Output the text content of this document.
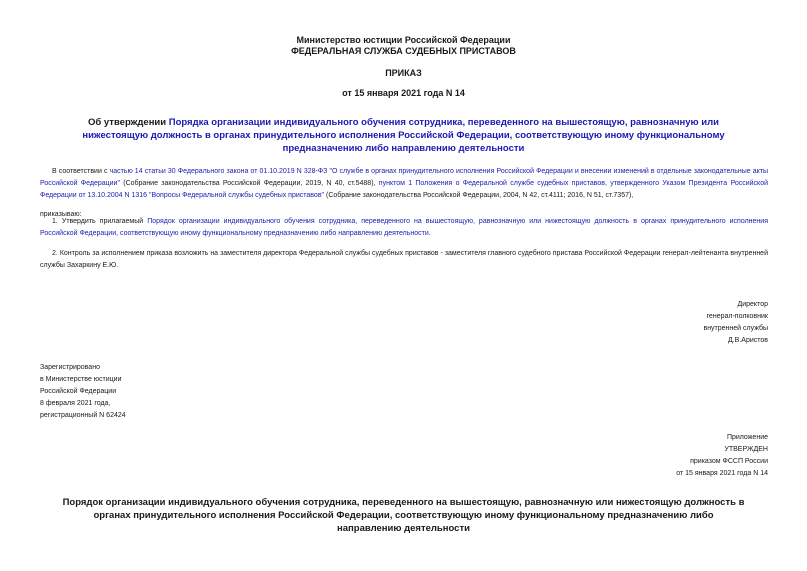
Министерство юстиции Российской Федерации
ФЕДЕРАЛЬНАЯ СЛУЖБА СУДЕБНЫХ ПРИСТАВОВ
ПРИКАЗ
от 15 января 2021 года N 14
Об утверждении Порядка организации индивидуального обучения сотрудника, переведенного на вышестоящую, равнозначную или нижестоящую должность в органах принудительного исполнения Российской Федерации, соответствующую иному функциональному предназначению либо направлению деятельности
В соответствии с частью 14 статьи 30 Федерального закона от 01.10.2019 N 328-ФЗ "О службе в органах принудительного исполнения Российской Федерации и внесении изменений в отдельные законодательные акты Российской Федерации" (Собрание законодательства Российской Федерации, 2019, N 40, ст.5488), пунктом 1 Положения о Федеральной службе судебных приставов, утвержденного Указом Президента Российской Федерации от 13.10.2004 N 1316 "Вопросы Федеральной службы судебных приставов" (Собрание законодательства Российской Федерации, 2004, N 42, ст.4111; 2016, N 51, ст.7357),
приказываю:
1. Утвердить прилагаемый Порядок организации индивидуального обучения сотрудника, переведенного на вышестоящую, равнозначную или нижестоящую должность в органах принудительного исполнения Российской Федерации, соответствующую иному функциональному предназначению либо направлению деятельности.
2. Контроль за исполнением приказа возложить на заместителя директора Федеральной службы судебных приставов - заместителя главного судебного пристава Российской Федерации генерал-лейтенанта внутренней службы Захаркину Е.Ю.
Директор
генерал-полковник
внутренней службы
Д.В.Аристов
Зарегистрировано
в Министерстве юстиции
Российской Федерации
8 февраля 2021 года,
регистрационный N 62424
Приложение
УТВЕРЖДЕН
приказом ФССП России
от 15 января 2021 года N 14
Порядок организации индивидуального обучения сотрудника, переведенного на вышестоящую, равнозначную или нижестоящую должность в органах принудительного исполнения Российской Федерации, соответствующую иному функциональному предназначению либо направлению деятельности
